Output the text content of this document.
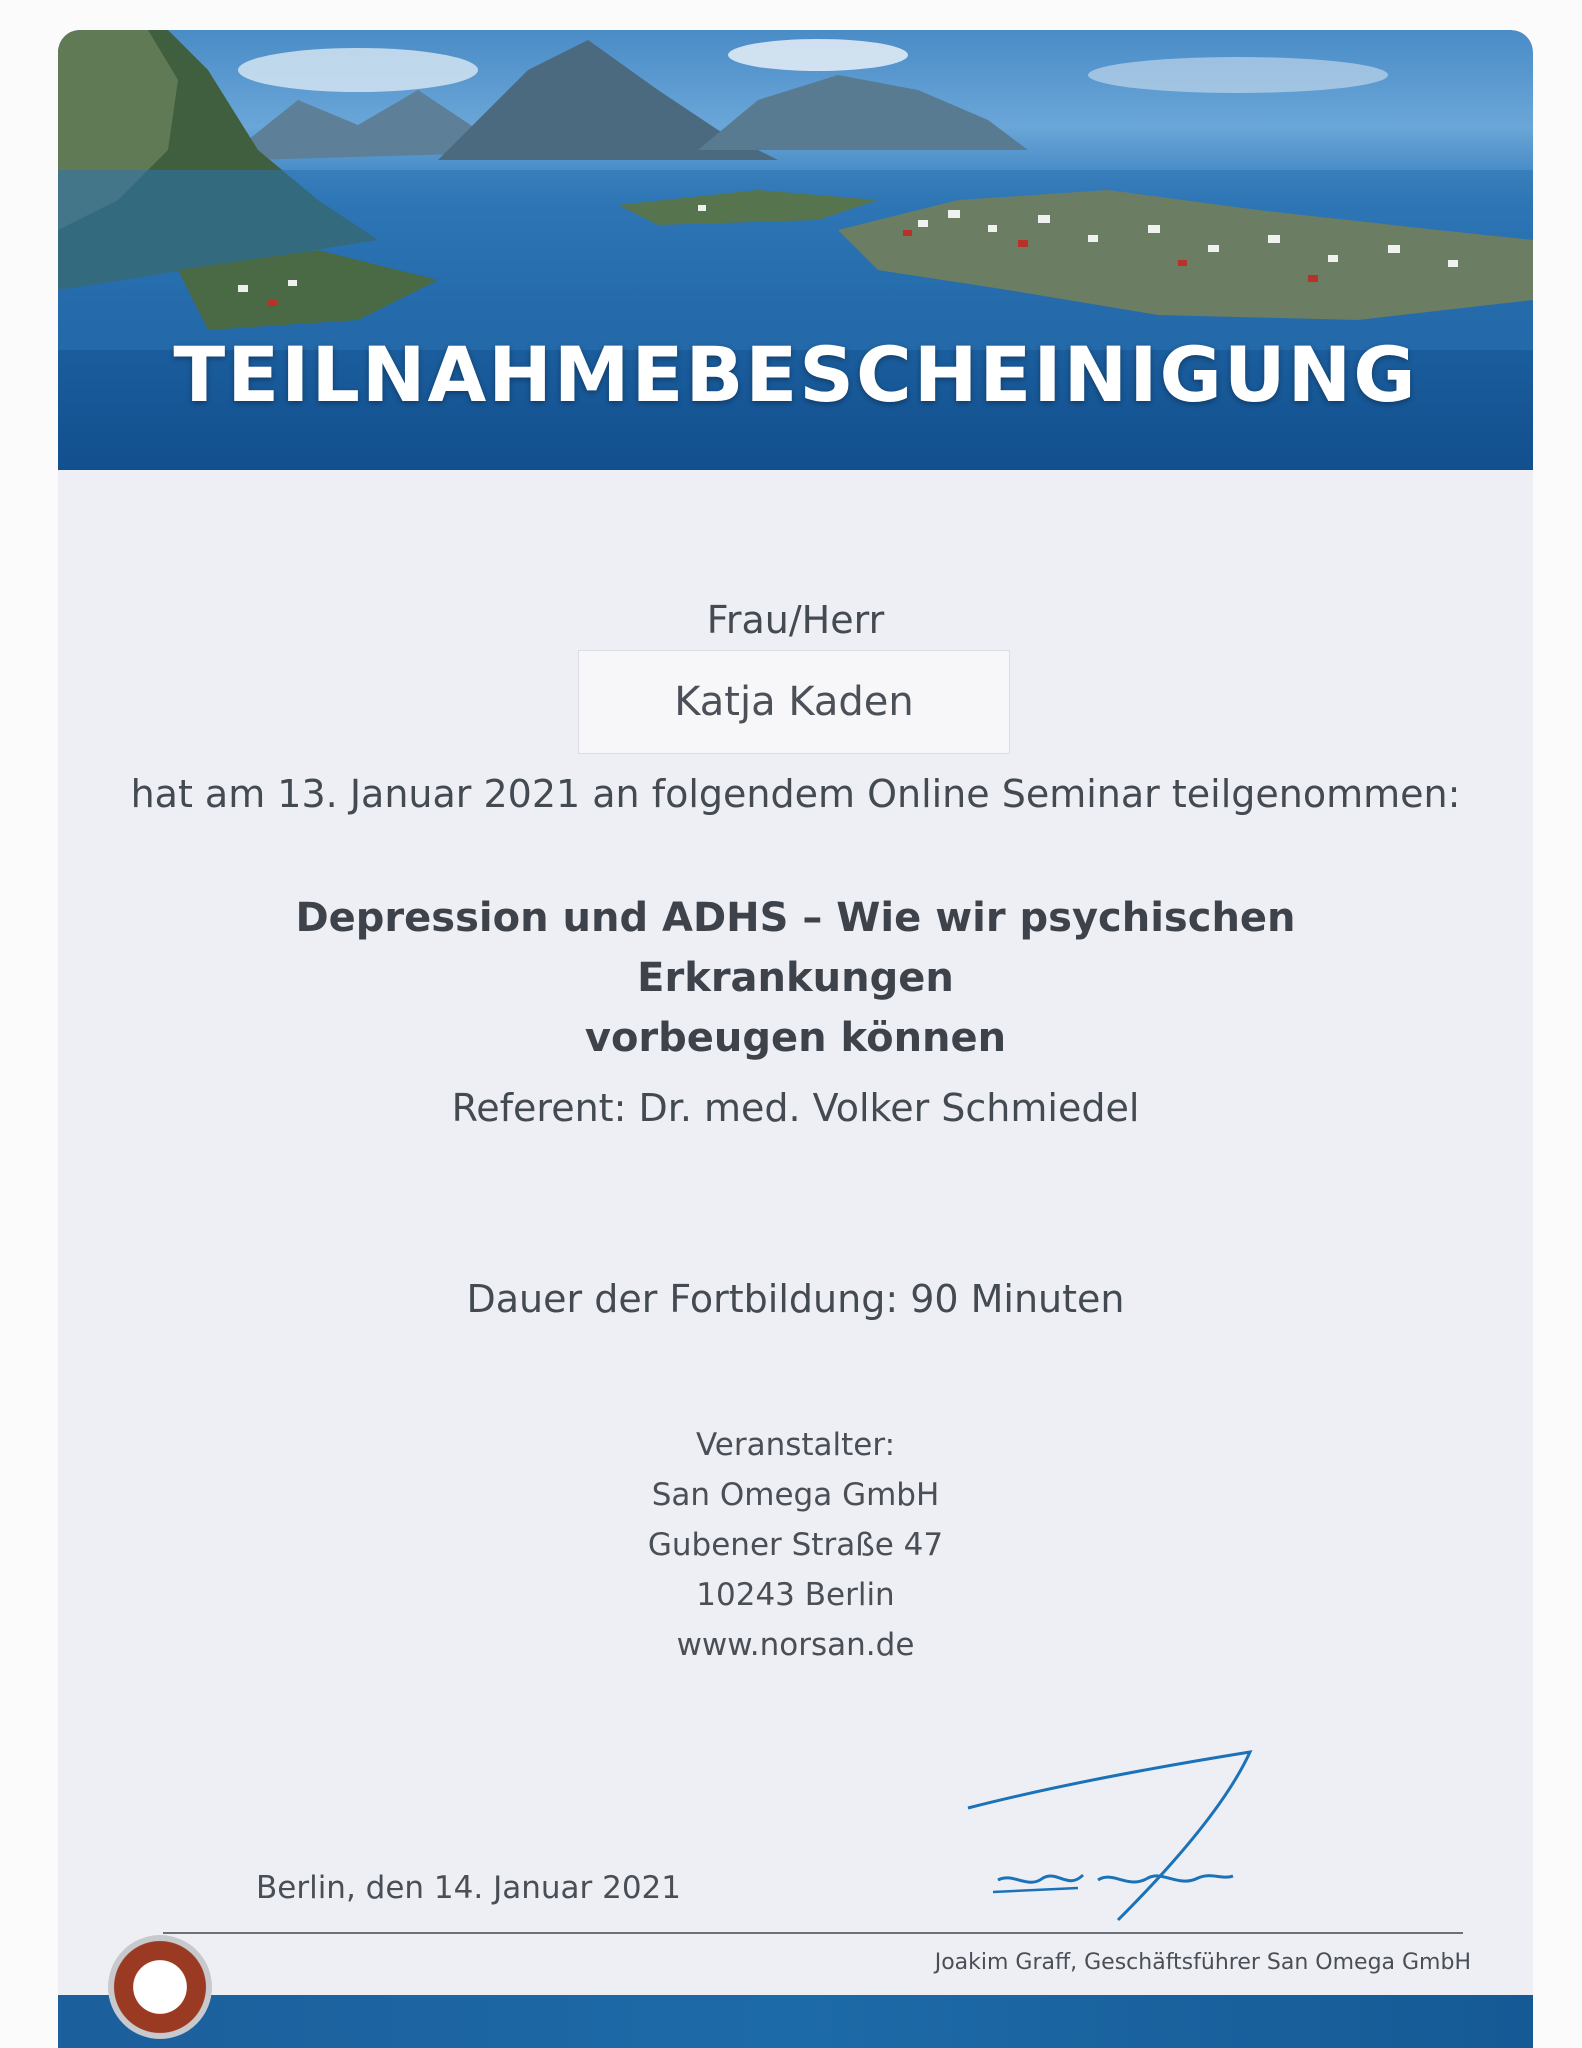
TEILNAHMEBESCHEINIGUNG
Frau/Herr
Katja Kaden
hat am 13. Januar 2021 an folgendem Online Seminar teilgenommen:
Depression und ADHS – Wie wir psychischen Erkrankungen
vorbeugen können
Referent: Dr. med. Volker Schmiedel
Dauer der Fortbildung: 90 Minuten
Veranstalter:
San Omega GmbH
Gubener Straße 47
10243 Berlin
www.norsan.de
Berlin, den 14. Januar 2021
Joakim Graff, Geschäftsführer San Omega GmbH
S
